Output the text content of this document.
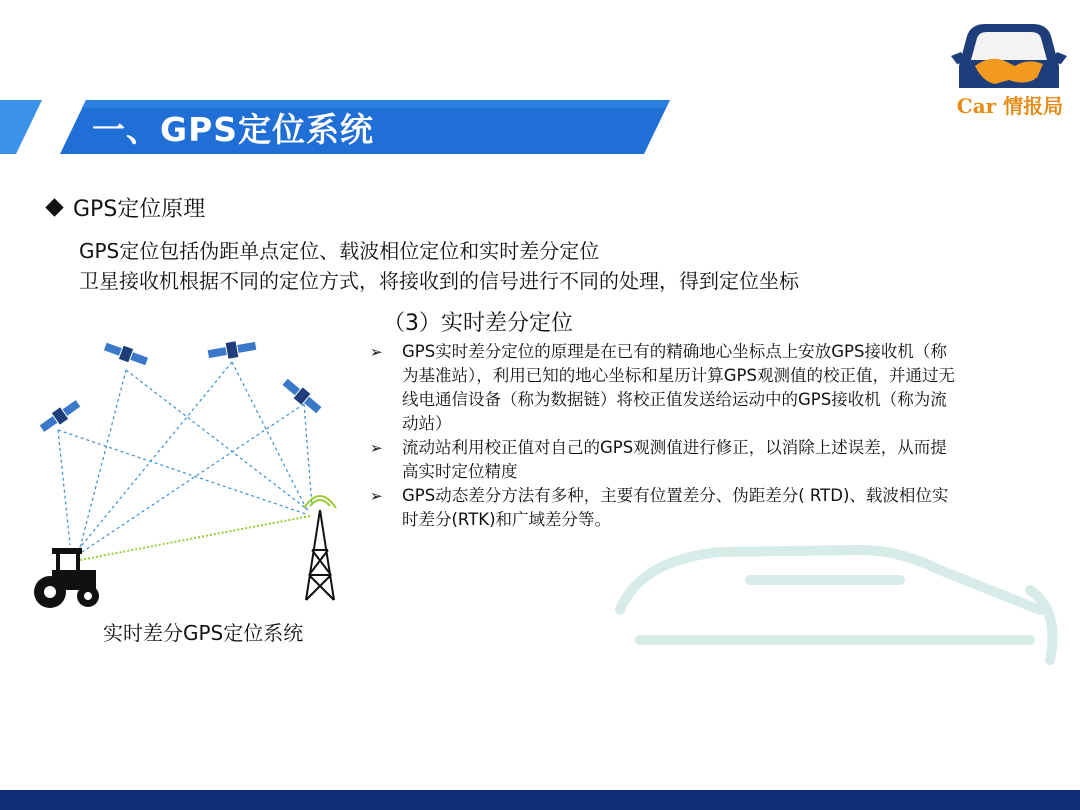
一、GPS定位系统
Car 情报局
GPS定位原理
GPS定位包括伪距单点定位、载波相位定位和实时差分定位
卫星接收机根据不同的定位方式，将接收到的信号进行不同的处理，得到定位坐标
（3）实时差分定位
➢ GPS实时差分定位的原理是在已有的精确地心坐标点上安放GPS接收机（称为基准站），利用已知的地心坐标和星历计算GPS观测值的校正值，并通过无线电通信设备（称为数据链）将校正值发送给运动中的GPS接收机（称为流动站）
➢ 流动站利用校正值对自己的GPS观测值进行修正，以消除上述误差，从而提高实时定位精度
➢ GPS动态差分方法有多种，主要有位置差分、伪距差分( RTD)、载波相位实时差分(RTK)和广域差分等。
实时差分GPS定位系统
